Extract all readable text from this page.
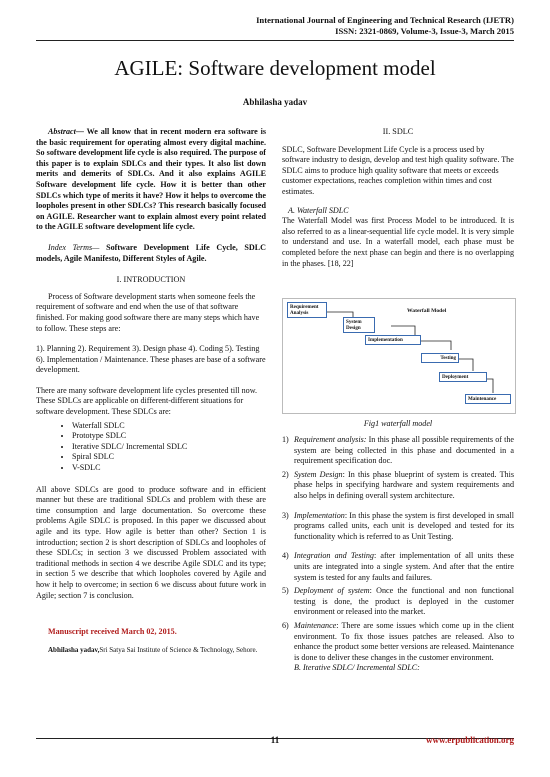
International Journal of Engineering and Technical Research (IJETR)
ISSN: 2321-0869, Volume-3, Issue-3, March 2015
AGILE: Software development model
Abhilasha yadav

Abstract— We all know that in recent modern era software is the basic requirement for operating almost every digital machine. So software development life cycle is also required. The purpose of this paper is to explain SDLCs and their types. It also list down merits and demerits of SDLCs. And it also explains AGILE Software development life cycle. How it is better than other SDLCs which type of merits it have? How it helps to overcome the loopholes present in other SDLCs? This research basically focused on AGILE. Researcher want to explain almost every point related to the AGILE software development life cycle.

Index Terms— Software Development Life Cycle, SDLC models, Agile Manifesto, Different Styles of Agile.

I. INTRODUCTION

Process of Software development starts when someone feels the requirement of software and end when the use of that software finished. For making good software there are many steps which have to follow. These steps are:

1). Planning 2). Requirement 3). Design phase 4). Coding 5). Testing 6). Implementation / Maintenance. These phases are base of a software development.

There are many software development life cycles presented till now. These SDLCs are applicable on different-different situations for software development. These SDLCs are:

• Waterfall SDLC
• Prototype SDLC
• Iterative SDLC/ Incremental SDLC
• Spiral SDLC
• V-SDLC

All above SDLCs are good to produce software and in efficient manner but these are traditional SDLCs and problem with these are time consumption and large documentation. So overcome these problems Agile SDLC is proposed. In this paper we discussed about agile and its type. How agile is better than other? Section 1 is introduction; section 2 is short description of SDLCs and loopholes of these SDLCs; in section 3 we discussed Problem associated with traditional methods in section 4 we describe Agile SDLC and its type; in section 5 we describe that which loopholes covered by Agile and how it help to overcome; in section 6 we discuss about future work in Agile; section 7 is conclusion.

Manuscript received March 02, 2015.

Abhilasha yadav,Sri Satya Sai Institute of Science & Technology, Sehore.

II. SDLC

SDLC, Software Development Life Cycle is a process used by software industry to design, develop and test high quality software. The SDLC aims to produce high quality software that meets or exceeds customer expectations, reaches completion within times and cost estimates.

A. Waterfall SDLC

The Waterfall Model was first Process Model to be introduced. It is also referred to as a linear-sequential life cycle model. It is very simple to understand and use. In a waterfall model, each phase must be completed before the next phase can begin and there is no overlapping in the phases. [18, 22]

Waterfall Model
Requirement Analysis
System Design
Implementation
Testing
Deployment
Maintenance
Fig1 waterfall model
1) Requirement analysis: In this phase all possible requirements of the system are being collected in this phase and documented in a requirement specification doc.
2) System Design: In this phase blueprint of system is created. This phase helps in specifying hardware and system requirements and also helps in defining overall system architecture.
3) Implementation: In this phase the system is first developed in small programs called units, each unit is developed and tested for its functionality which is referred to as Unit Testing.
4) Integration and Testing: after implementation of all units these units are integrated into a single system. And after that the entire system is tested for any faults and failures.
5) Deployment of system: Once the functional and non functional testing is done, the product is deployed in the customer environment or released into the market.
6) Maintenance: There are some issues which come up in the client environment. To fix those issues patches are released. Also to enhance the product some better versions are released. Maintenance is done to deliver these changes in the customer environment.

B. Iterative SDLC/ Incremental SDLC:

11	www.erpublication.org
